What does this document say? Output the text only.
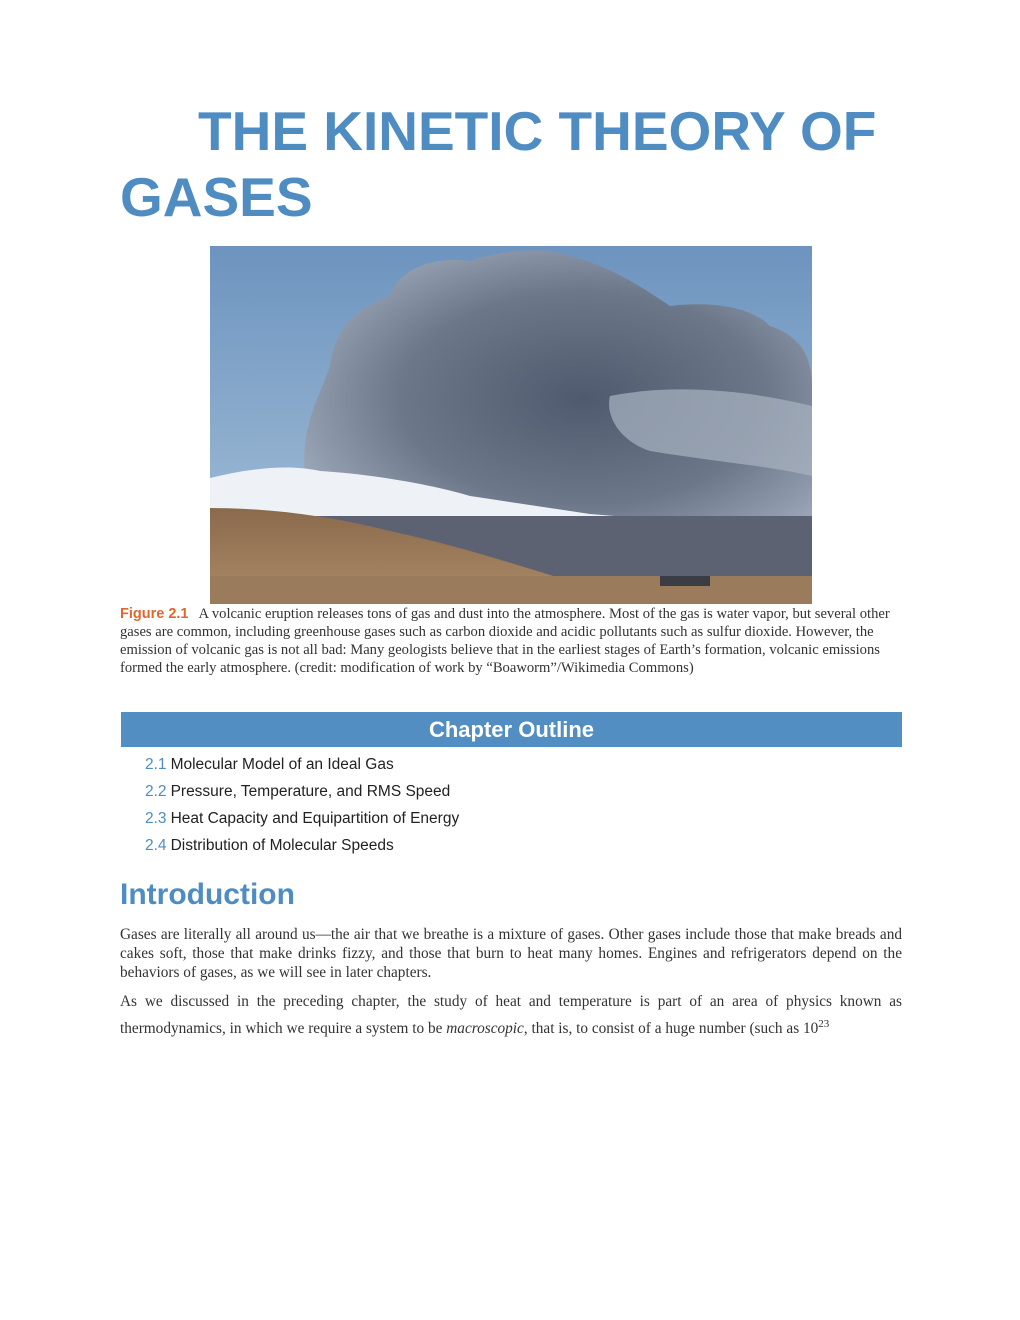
THE KINETIC THEORY OF
GASES

Figure 2.1 A volcanic eruption releases tons of gas and dust into the atmosphere. Most of the gas is water vapor, but several other gases are common, including greenhouse gases such as carbon dioxide and acidic pollutants such as sulfur dioxide. However, the emission of volcanic gas is not all bad: Many geologists believe that in the earliest stages of Earth’s formation, volcanic emissions formed the early atmosphere. (credit: modification of work by “Boaworm”/Wikimedia Commons)

Chapter Outline
2.1 Molecular Model of an Ideal Gas
2.2 Pressure, Temperature, and RMS Speed
2.3 Heat Capacity and Equipartition of Energy
2.4 Distribution of Molecular Speeds
Introduction

Gases are literally all around us—the air that we breathe is a mixture of gases. Other gases include those that make breads and cakes soft, those that make drinks fizzy, and those that burn to heat many homes. Engines and refrigerators depend on the behaviors of gases, as we will see in later chapters.

As we discussed in the preceding chapter, the study of heat and temperature is part of an area of physics known as thermodynamics, in which we require a system to be macroscopic, that is, to consist of a huge number (such as $10^{23}$
